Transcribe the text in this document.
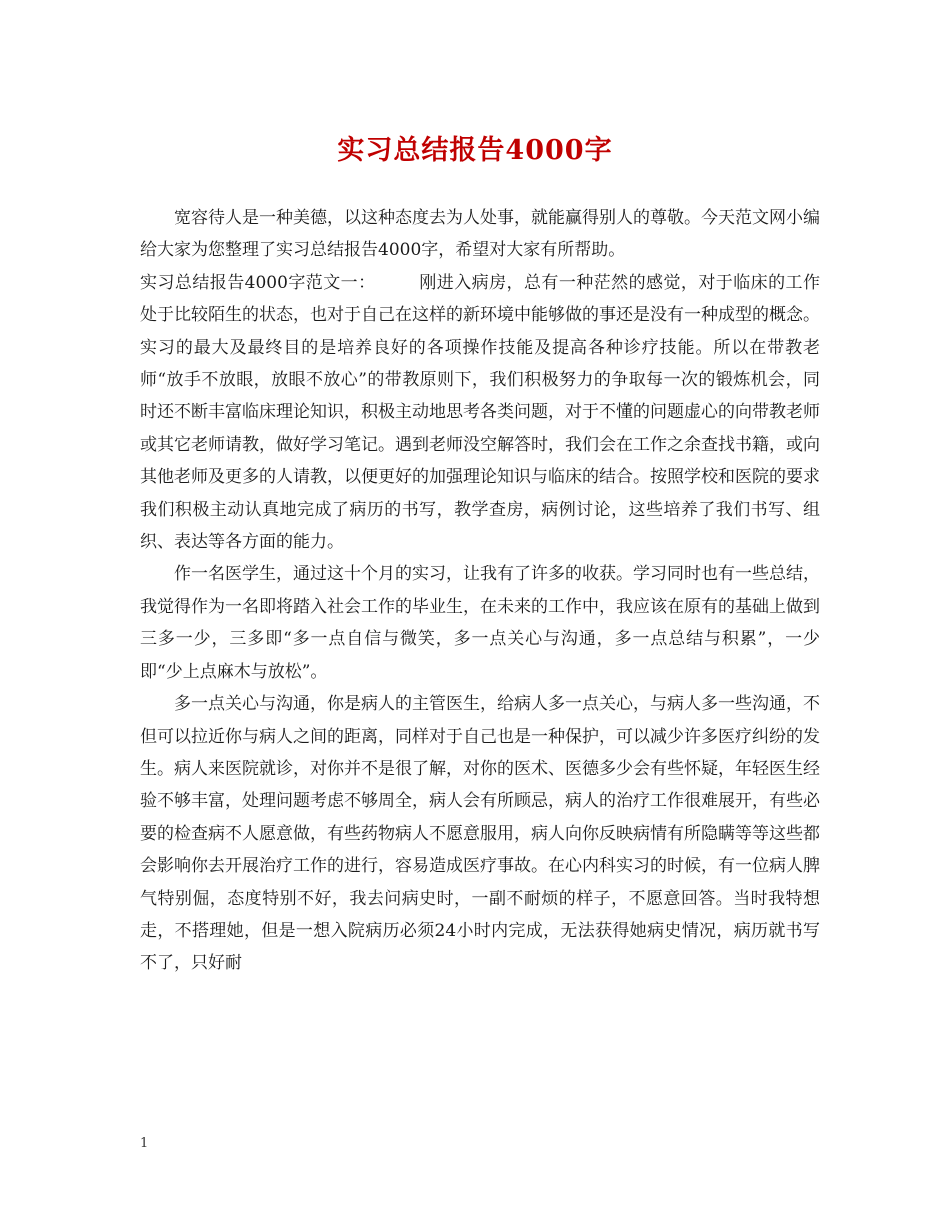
实习总结报告4000字

宽容待人是一种美德，以这种态度去为人处事，就能赢得别人的尊敬。今天范文网小编给大家为您整理了实习总结报告4000字，希望对大家有所帮助。

实习总结报告4000字范文一：　　　刚进入病房，总有一种茫然的感觉，对于临床的工作处于比较陌生的状态，也对于自己在这样的新环境中能够做的事还是没有一种成型的概念。实习的最大及最终目的是培养良好的各项操作技能及提高各种诊疗技能。所以在带教老师“放手不放眼，放眼不放心”的带教原则下，我们积极努力的争取每一次的锻炼机会，同时还不断丰富临床理论知识，积极主动地思考各类问题，对于不懂的问题虚心的向带教老师或其它老师请教，做好学习笔记。遇到老师没空解答时，我们会在工作之余查找书籍，或向其他老师及更多的人请教，以便更好的加强理论知识与临床的结合。按照学校和医院的要求我们积极主动认真地完成了病历的书写，教学查房，病例讨论，这些培养了我们书写、组织、表达等各方面的能力。

作一名医学生，通过这十个月的实习，让我有了许多的收获。学习同时也有一些总结，我觉得作为一名即将踏入社会工作的毕业生，在未来的工作中，我应该在原有的基础上做到三多一少，三多即“多一点自信与微笑，多一点关心与沟通，多一点总结与积累”，一少即“少上点麻木与放松”。

多一点关心与沟通，你是病人的主管医生，给病人多一点关心，与病人多一些沟通，不但可以拉近你与病人之间的距离，同样对于自己也是一种保护，可以减少许多医疗纠纷的发生。病人来医院就诊，对你并不是很了解，对你的医术、医德多少会有些怀疑，年轻医生经验不够丰富，处理问题考虑不够周全，病人会有所顾忌，病人的治疗工作很难展开，有些必要的检查病不人愿意做，有些药物病人不愿意服用，病人向你反映病情有所隐瞒等等这些都会影响你去开展治疗工作的进行，容易造成医疗事故。在心内科实习的时候，有一位病人脾气特别倔，态度特别不好，我去问病史时，一副不耐烦的样子，不愿意回答。当时我特想走，不搭理她，但是一想入院病历必须24小时内完成，无法获得她病史情况，病历就书写不了，只好耐

1
